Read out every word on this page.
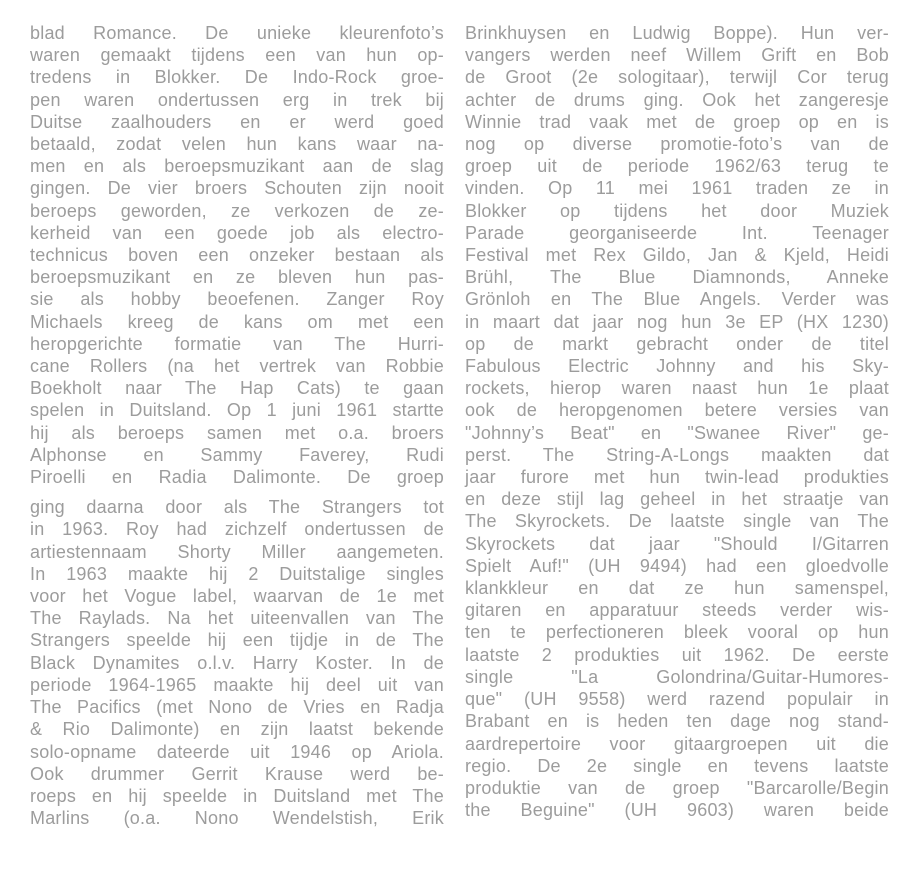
blad Romance. De unieke kleurenfoto’s
waren gemaakt tijdens een van hun op-
tredens in Blokker. De Indo-Rock groe-
pen waren ondertussen erg in trek bij
Duitse zaalhouders en er werd goed
betaald, zodat velen hun kans waar na-
men en als beroepsmuzikant aan de slag
gingen. De vier broers Schouten zijn nooit
beroeps geworden, ze verkozen de ze-
kerheid van een goede job als electro-
technicus boven een onzeker bestaan als
beroepsmuzikant en ze bleven hun pas-
sie als hobby beoefenen. Zanger Roy
Michaels kreeg de kans om met een
heropgerichte formatie van The Hurri-
cane Rollers (na het vertrek van Robbie
Boekholt naar The Hap Cats) te gaan
spelen in Duitsland. Op 1 juni 1961 startte
hij als beroeps samen met o.a. broers
Alphonse en Sammy Faverey, Rudi
Piroelli en Radia Dalimonte. De groep
ging daarna door als The Strangers tot
in 1963. Roy had zichzelf ondertussen de
artiestennaam Shorty Miller aangemeten.
In 1963 maakte hij 2 Duitstalige singles
voor het Vogue label, waarvan de 1e met
The Raylads. Na het uiteenvallen van The
Strangers speelde hij een tijdje in de The
Black Dynamites o.l.v. Harry Koster. In de
periode 1964-1965 maakte hij deel uit van
The Pacifics (met Nono de Vries en Radja
& Rio Dalimonte) en zijn laatst bekende
solo-opname dateerde uit 1946 op Ariola.
Ook drummer Gerrit Krause werd be-
roeps en hij speelde in Duitsland met The
Marlins (o.a. Nono Wendelstish, Erik
Brinkhuysen en Ludwig Boppe). Hun ver-
vangers werden neef Willem Grift en Bob
de Groot (2e sologitaar), terwijl Cor terug
achter de drums ging. Ook het zangeresje
Winnie trad vaak met de groep op en is
nog op diverse promotie-foto’s van de
groep uit de periode 1962/63 terug te
vinden. Op 11 mei 1961 traden ze in
Blokker op tijdens het door Muziek
Parade georganiseerde Int. Teenager
Festival met Rex Gildo, Jan & Kjeld, Heidi
Brühl, The Blue Diamnonds, Anneke
Grönloh en The Blue Angels. Verder was
in maart dat jaar nog hun 3e EP (HX 1230)
op de markt gebracht onder de titel
Fabulous Electric Johnny and his Sky-
rockets, hierop waren naast hun 1e plaat
ook de heropgenomen betere versies van
"Johnny’s Beat" en "Swanee River" ge-
perst. The String-A-Longs maakten dat
jaar furore met hun twin-lead produkties
en deze stijl lag geheel in het straatje van
The Skyrockets. De laatste single van The
Skyrockets dat jaar "Should I/Gitarren
Spielt Auf!" (UH 9494) had een gloedvolle
klankkleur en dat ze hun samenspel,
gitaren en apparatuur steeds verder wis-
ten te perfectioneren bleek vooral op hun
laatste 2 produkties uit 1962. De eerste
single "La Golondrina/Guitar-Humores-
que" (UH 9558) werd razend populair in
Brabant en is heden ten dage nog stand-
aardrepertoire voor gitaargroepen uit die
regio. De 2e single en tevens laatste
produktie van de groep "Barcarolle/Begin
the Beguine" (UH 9603) waren beide
